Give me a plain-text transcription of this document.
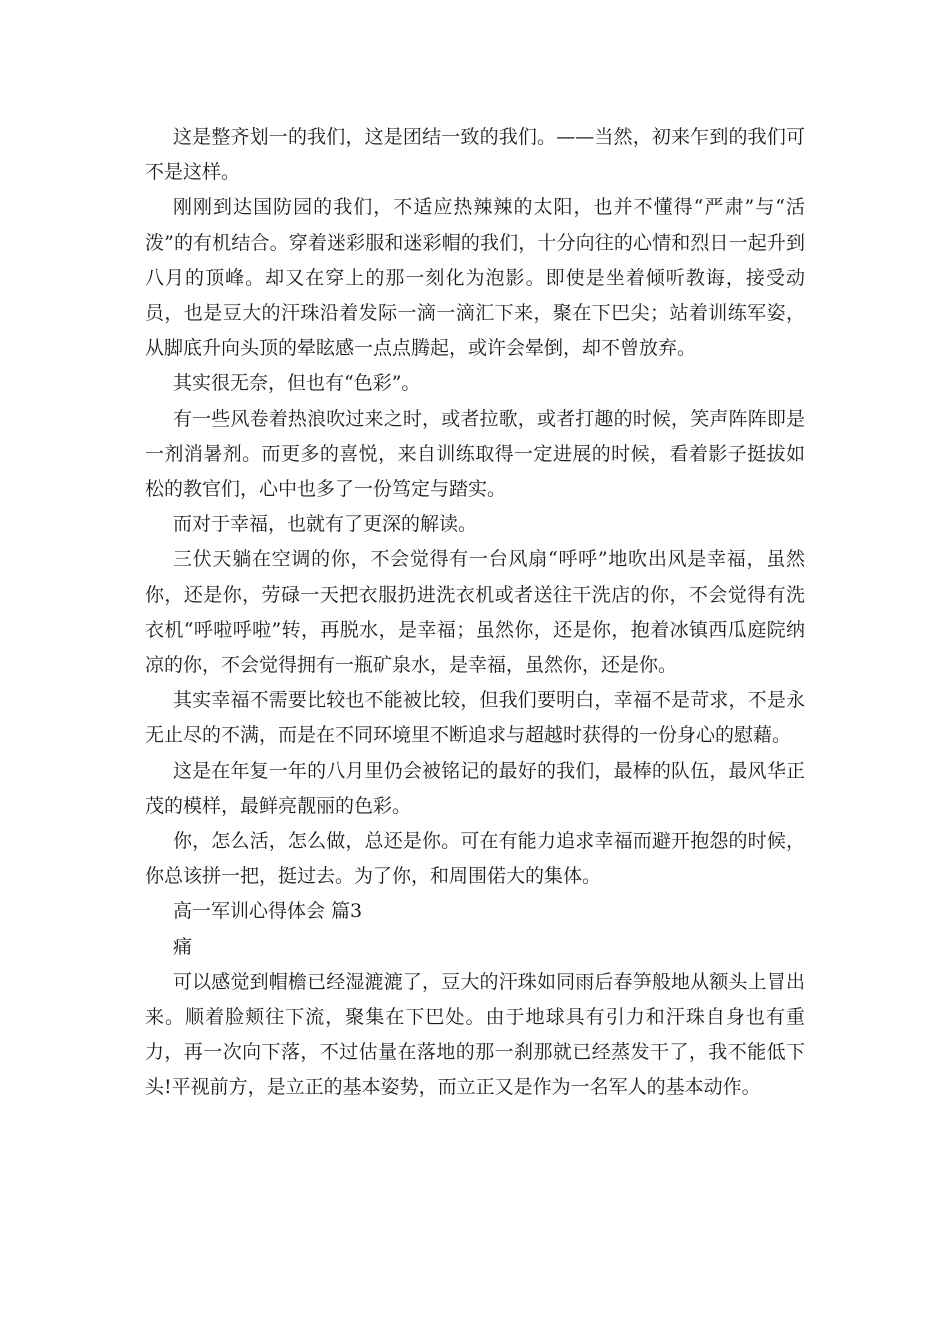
这是整齐划一的我们，这是团结一致的我们。——当然，初来乍到的我们可不是这样。

刚刚到达国防园的我们，不适应热辣辣的太阳，也并不懂得“严肃”与“活泼”的有机结合。穿着迷彩服和迷彩帽的我们，十分向往的心情和烈日一起升到八月的顶峰。却又在穿上的那一刻化为泡影。即使是坐着倾听教诲，接受动员，也是豆大的汗珠沿着发际一滴一滴汇下来，聚在下巴尖；站着训练军姿，从脚底升向头顶的晕眩感一点点腾起，或许会晕倒，却不曾放弃。

其实很无奈，但也有“色彩”。

有一些风卷着热浪吹过来之时，或者拉歌，或者打趣的时候，笑声阵阵即是一剂消暑剂。而更多的喜悦，来自训练取得一定进展的时候，看着影子挺拔如松的教官们，心中也多了一份笃定与踏实。

而对于幸福，也就有了更深的解读。

三伏天躺在空调的你，不会觉得有一台风扇“呼呼”地吹出风是幸福，虽然你，还是你，劳碌一天把衣服扔进洗衣机或者送往干洗店的你，不会觉得有洗衣机“呼啦呼啦”转，再脱水，是幸福；虽然你，还是你，抱着冰镇西瓜庭院纳凉的你，不会觉得拥有一瓶矿泉水，是幸福，虽然你，还是你。

其实幸福不需要比较也不能被比较，但我们要明白，幸福不是苛求，不是永无止尽的不满，而是在不同环境里不断追求与超越时获得的一份身心的慰藉。

这是在年复一年的八月里仍会被铭记的最好的我们，最棒的队伍，最风华正茂的模样，最鲜亮靓丽的色彩。

你，怎么活，怎么做，总还是你。可在有能力追求幸福而避开抱怨的时候，你总该拼一把，挺过去。为了你，和周围偌大的集体。

高一军训心得体会 篇3

痛

可以感觉到帽檐已经湿漉漉了，豆大的汗珠如同雨后春笋般地从额头上冒出来。顺着脸颊往下流，聚集在下巴处。由于地球具有引力和汗珠自身也有重力，再一次向下落，不过估量在落地的那一刹那就已经蒸发干了，我不能低下头!平视前方，是立正的基本姿势，而立正又是作为一名军人的基本动作。
